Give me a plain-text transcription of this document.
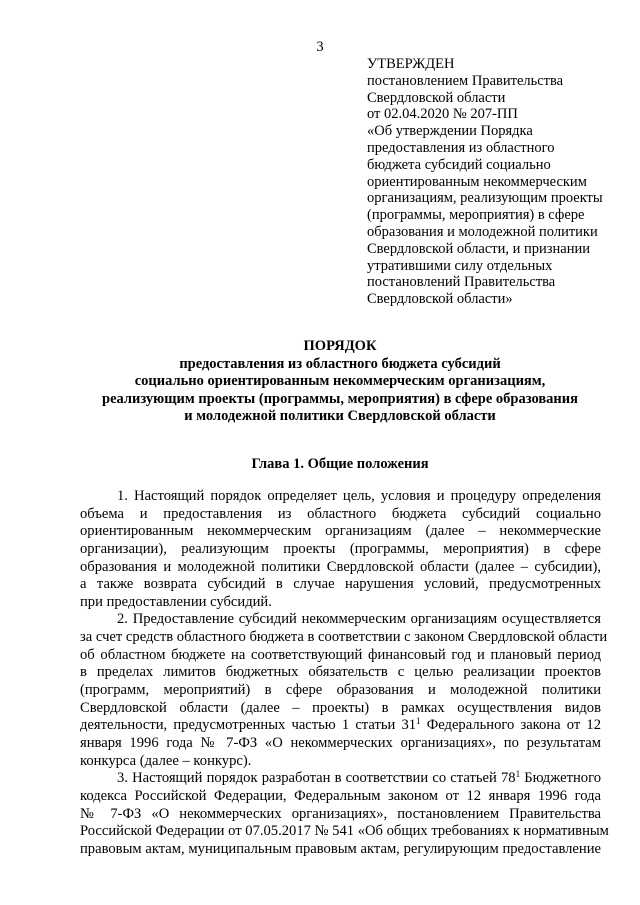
3
УТВЕРЖДЕН
постановлением Правительства
Свердловской области
от 02.04.2020 № 207-ПП
«Об утверждении Порядка
предоставления из областного
бюджета субсидий социально
ориентированным некоммерческим
организациям, реализующим проекты
(программы, мероприятия) в сфере
образования и молодежной политики
Свердловской области, и признании
утратившими силу отдельных
постановлений Правительства
Свердловской области»
ПОРЯДОК
предоставления из областного бюджета субсидий
социально ориентированным некоммерческим организациям,
реализующим проекты (программы, мероприятия) в сфере образования
и молодежной политики Свердловской области
Глава 1. Общие положения
1. Настоящий порядок определяет цель, условия и процедуру определения
объема и предоставления из областного бюджета субсидий социально
ориентированным некоммерческим организациям (далее – некоммерческие
организации), реализующим проекты (программы, мероприятия) в сфере
образования и молодежной политики Свердловской области (далее – субсидии),
а также возврата субсидий в случае нарушения условий, предусмотренных
при предоставлении субсидий.
2. Предоставление субсидий некоммерческим организациям осуществляется
за счет средств областного бюджета в соответствии с законом Свердловской области
об областном бюджете на соответствующий финансовый год и плановый период
в пределах лимитов бюджетных обязательств с целью реализации проектов
(программ, мероприятий) в сфере образования и молодежной политики
Свердловской области (далее – проекты) в рамках осуществления видов
деятельности, предусмотренных частью 1 статьи $31^1$ Федерального закона от 12
января 1996 года № 7-ФЗ «О некоммерческих организациях», по результатам
конкурса (далее – конкурс).
3. Настоящий порядок разработан в соответствии со статьей $78^1$ Бюджетного
кодекса Российской Федерации, Федеральным законом от 12 января 1996 года
№ 7-ФЗ «О некоммерческих организациях», постановлением Правительства
Российской Федерации от 07.05.2017 № 541 «Об общих требованиях к нормативным
правовым актам, муниципальным правовым актам, регулирующим предоставление
